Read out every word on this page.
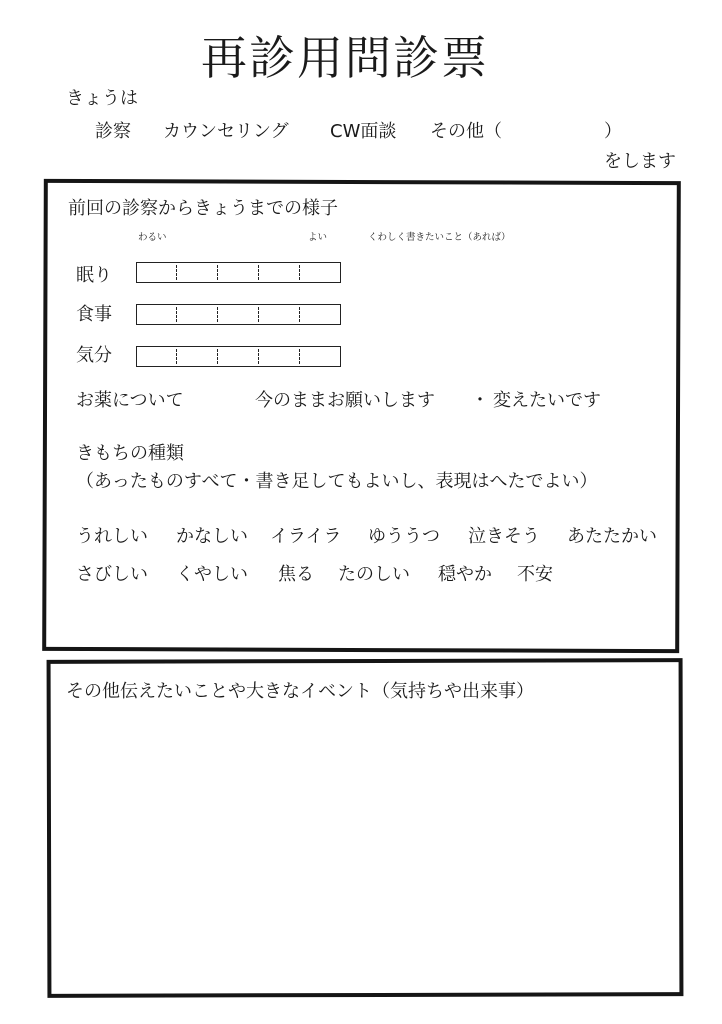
再診用問診票
きょうは
診察 カウンセリング CW面談 その他（	）
をします
前回の診察からきょうまでの様子
わるい	よい	くわしく書きたいこと（あれば）
眠り
食事
気分
お薬について	今のままお願いします ・ 変えたいです
きもちの種類
（あったものすべて・書き足してもよいし、表現はへたでよい）
うれしい かなしい イライラ ゆううつ 泣きそう あたたかい
さびしい くやしい 焦る たのしい 穏やか 不安
その他伝えたいことや大きなイベント（気持ちや出来事）
